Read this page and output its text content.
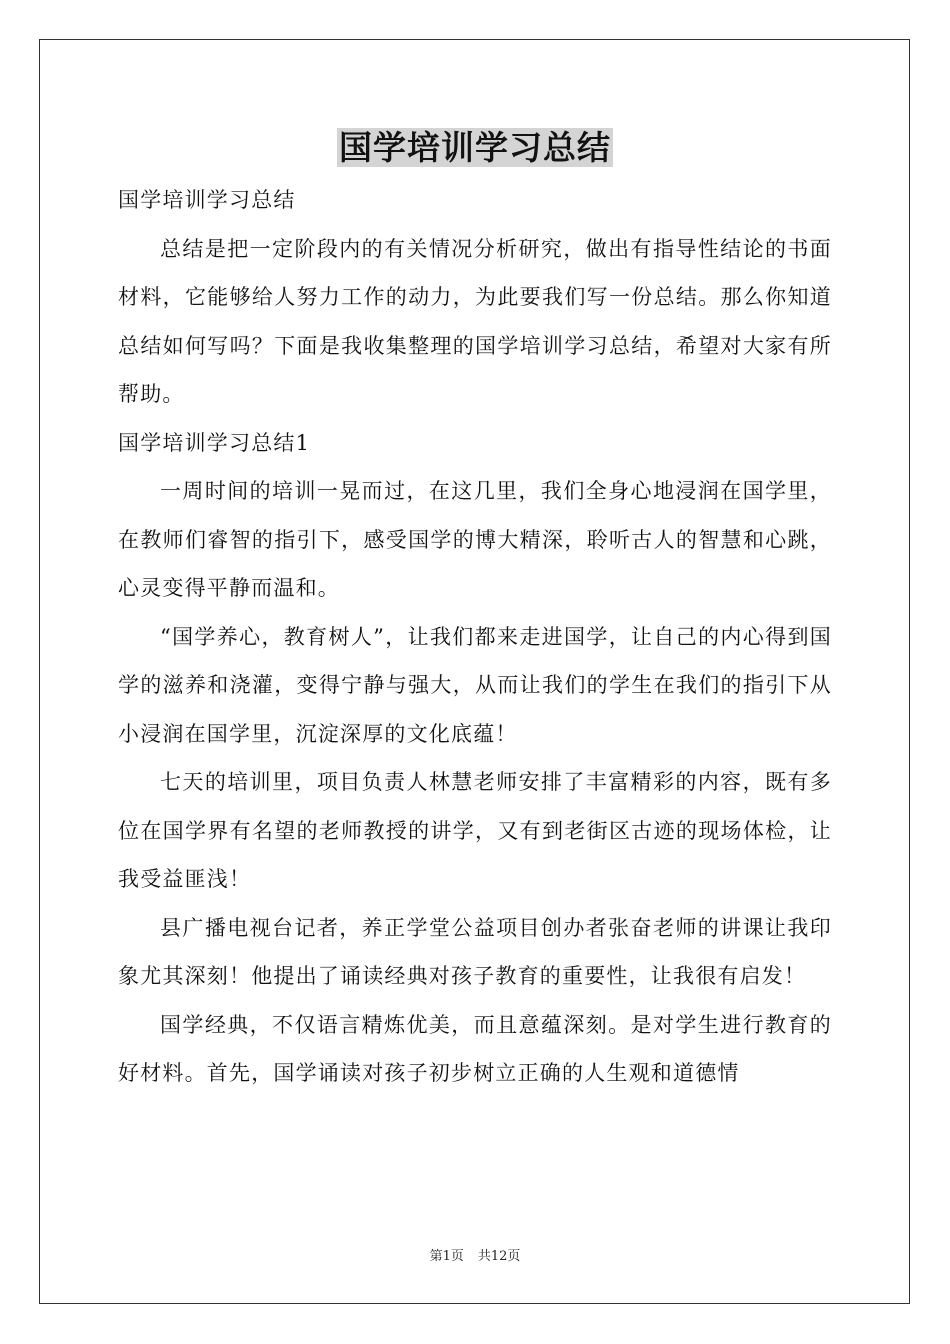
国学培训学习总结

国学培训学习总结

总结是把一定阶段内的有关情况分析研究，做出有指导性结论的书面材料，它能够给人努力工作的动力，为此要我们写一份总结。那么你知道总结如何写吗？下面是我收集整理的国学培训学习总结，希望对大家有所帮助。

国学培训学习总结1

一周时间的培训一晃而过，在这几里，我们全身心地浸润在国学里，在教师们睿智的指引下，感受国学的博大精深，聆听古人的智慧和心跳，心灵变得平静而温和。

“国学养心，教育树人”，让我们都来走进国学，让自己的内心得到国学的滋养和浇灌，变得宁静与强大，从而让我们的学生在我们的指引下从小浸润在国学里，沉淀深厚的文化底蕴！

七天的培训里，项目负责人林慧老师安排了丰富精彩的内容，既有多位在国学界有名望的老师教授的讲学，又有到老街区古迹的现场体检，让我受益匪浅！

县广播电视台记者，养正学堂公益项目创办者张奋老师的讲课让我印象尤其深刻！他提出了诵读经典对孩子教育的重要性，让我很有启发！

国学经典，不仅语言精炼优美，而且意蕴深刻。是对学生进行教育的好材料。首先，国学诵读对孩子初步树立正确的人生观和道德情

第1页 共12页
